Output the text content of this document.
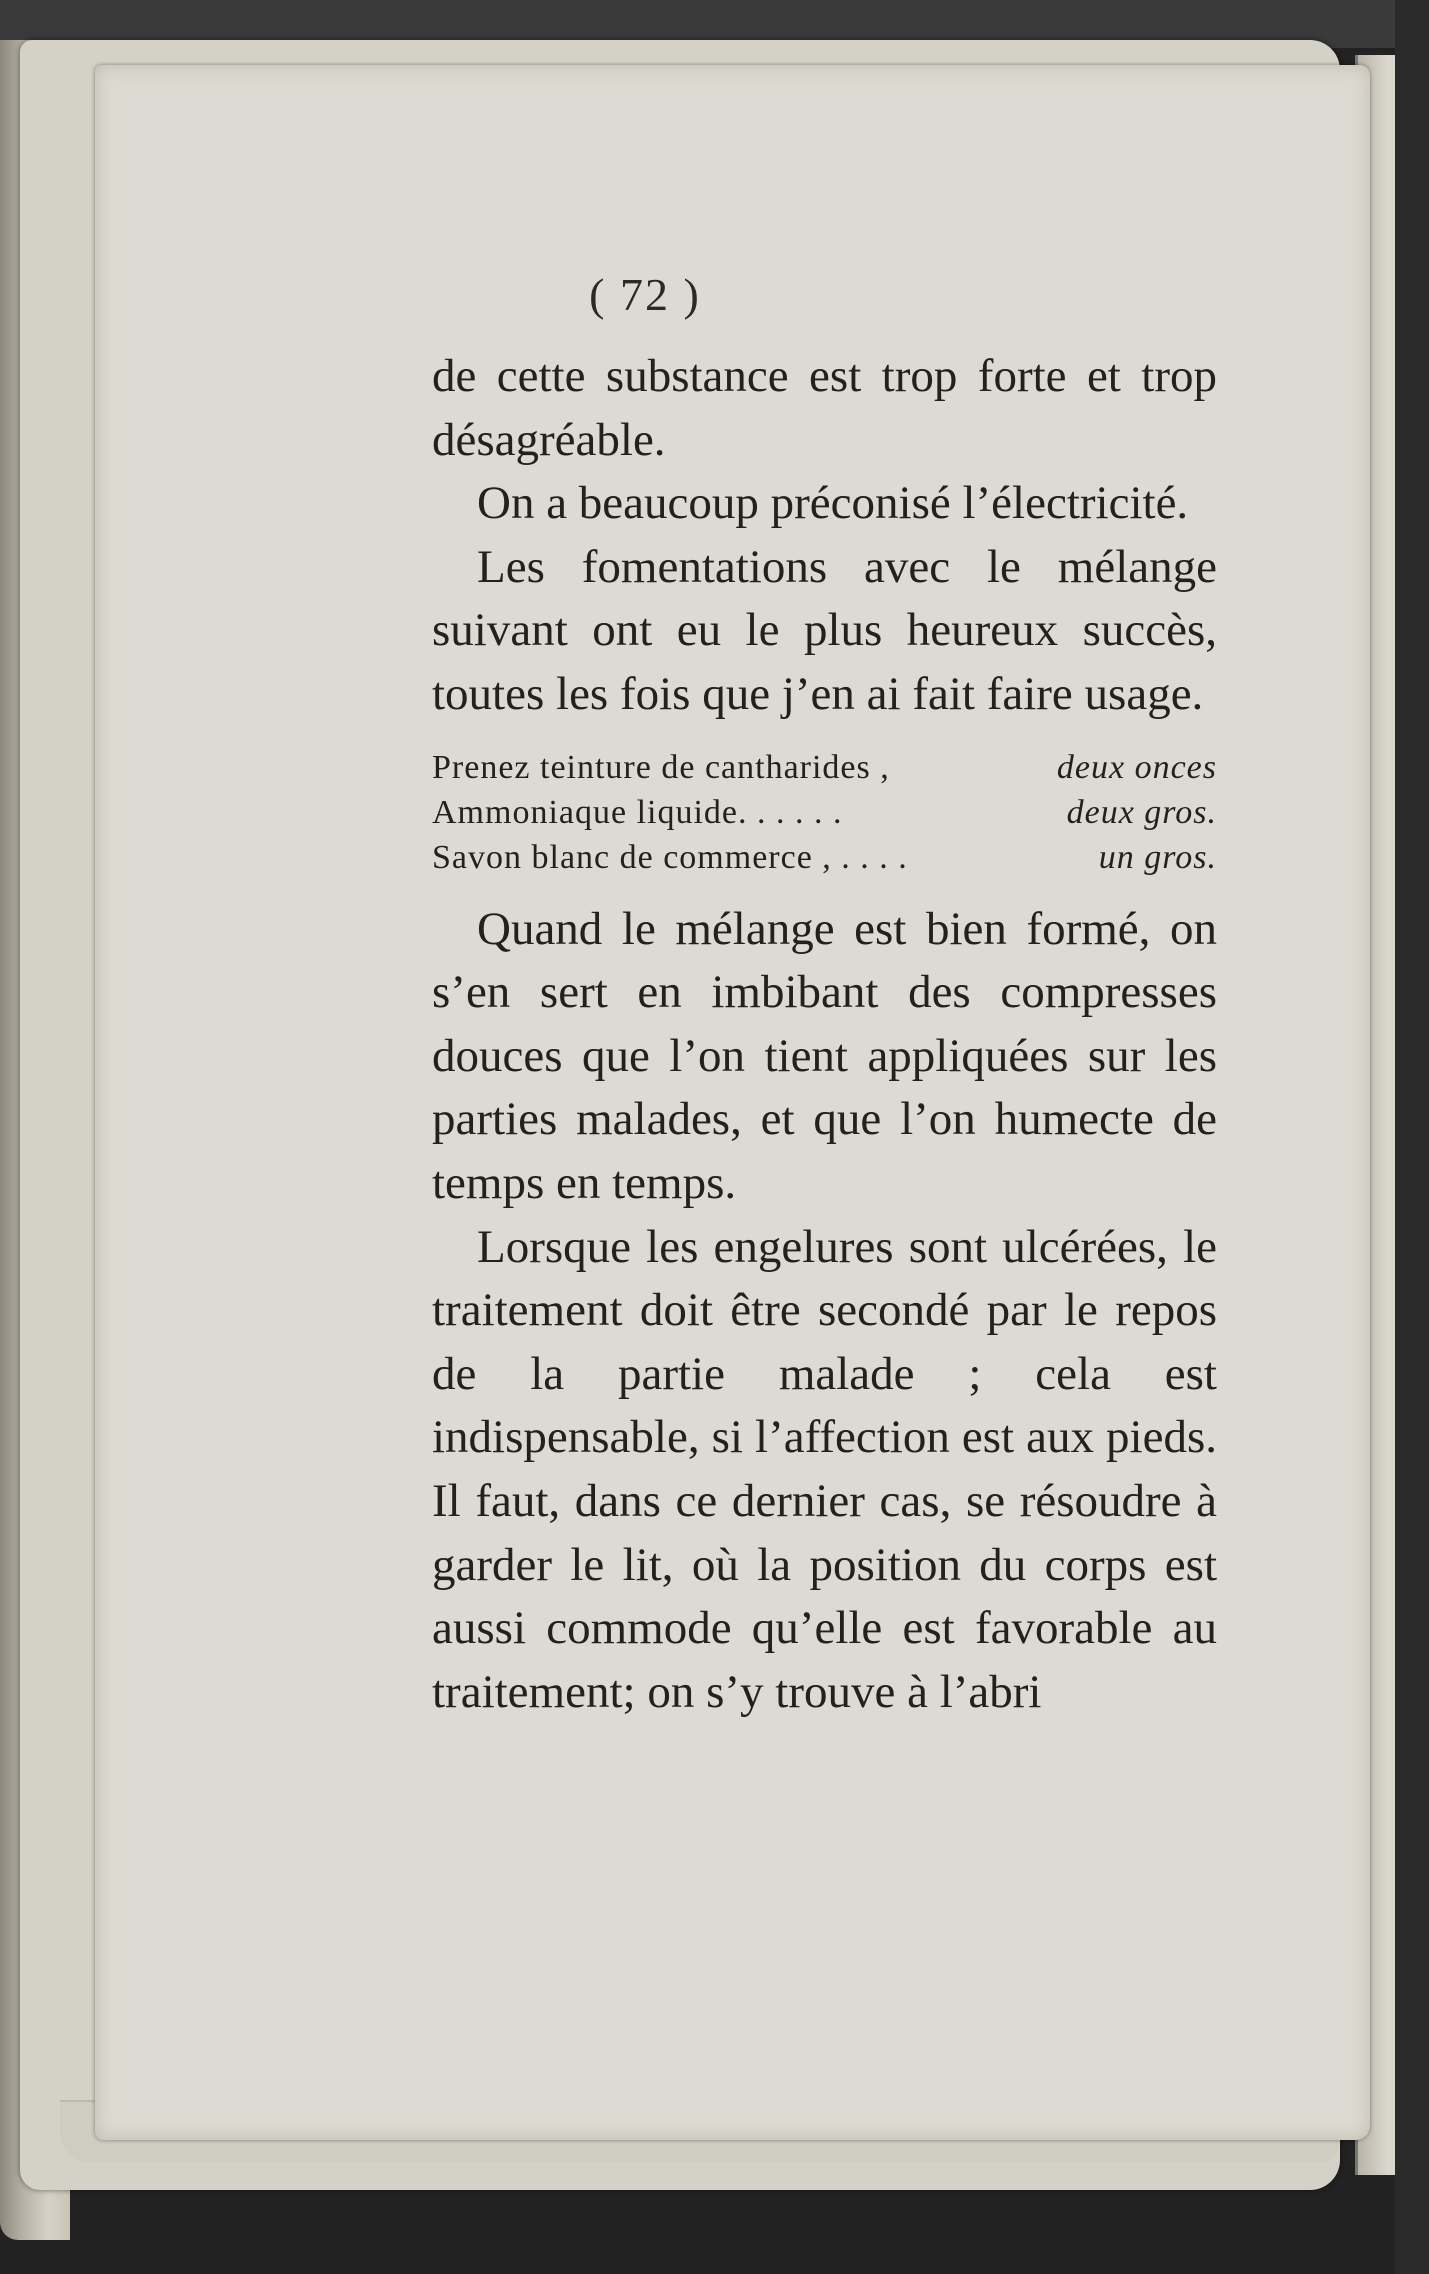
( 72 )

de cette substance est trop forte et trop désagréable.

On a beaucoup préconisé l’électricité.

Les fomentations avec le mélange suivant ont eu le plus heureux succès, toutes les fois que j’en ai fait faire usage.

Prenez teinture de cantharides ,	deux onces
Ammoniaque liquide. . . . . .	deux gros.
Savon blanc de commerce , . . . .	un gros.

Quand le mélange est bien formé, on s’en sert en imbibant des compresses douces que l’on tient appliquées sur les parties malades, et que l’on humecte de temps en temps.

Lorsque les engelures sont ulcérées, le traitement doit être secondé par le repos de la partie malade ; cela est indispensable, si l’affection est aux pieds. Il faut, dans ce dernier cas, se résoudre à garder le lit, où la position du corps est aussi commode qu’elle est favorable au traitement; on s’y trouve à l’abri
